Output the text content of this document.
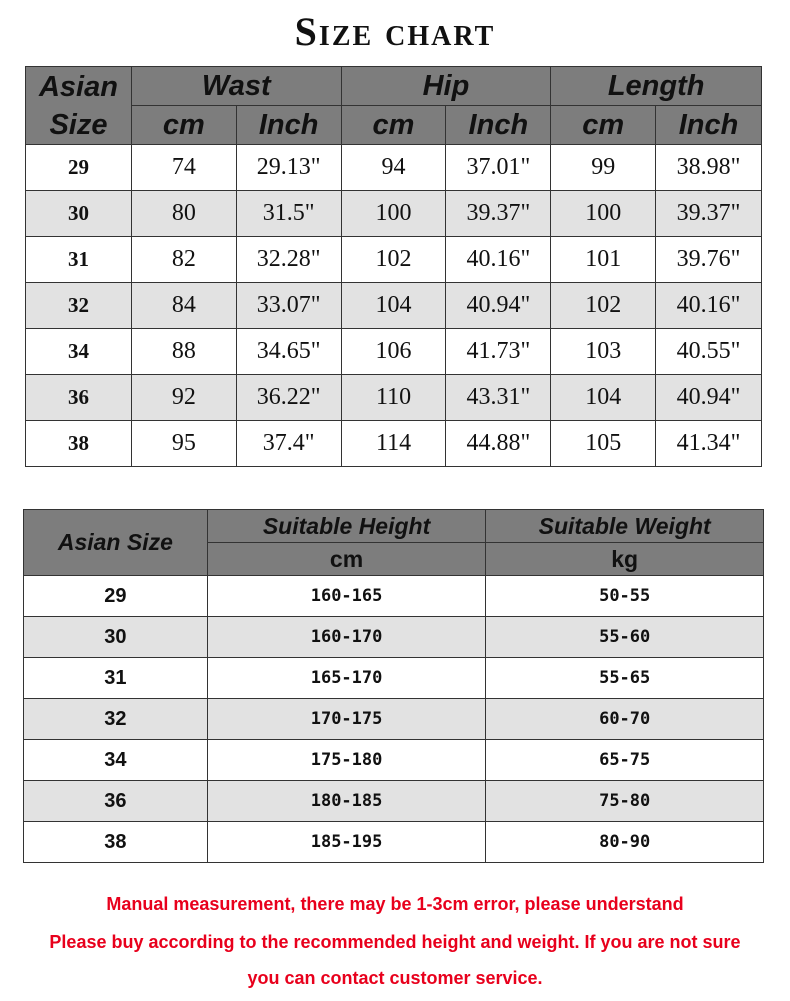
Size chart
Asian
Size	Wast		Hip		Length	
	cm	Inch	cm	Inch	cm	Inch
29	74	29.13"	94	37.01"	99	38.98"
30	80	31.5"	100	39.37"	100	39.37"
31	82	32.28"	102	40.16"	101	39.76"
32	84	33.07"	104	40.94"	102	40.16"
34	88	34.65"	106	41.73"	103	40.55"
36	92	36.22"	110	43.31"	104	40.94"
38	95	37.4"	114	44.88"	105	41.34"
Asian Size	Suitable Height	Suitable Weight
	cm	kg
29	160-165	50-55
30	160-170	55-60
31	165-170	55-65
32	170-175	60-70
34	175-180	65-75
36	180-185	75-80
38	185-195	80-90
Manual measurement, there may be 1-3cm error, please understand
Please buy according to the recommended height and weight. If you are not sure
you can contact customer service.
